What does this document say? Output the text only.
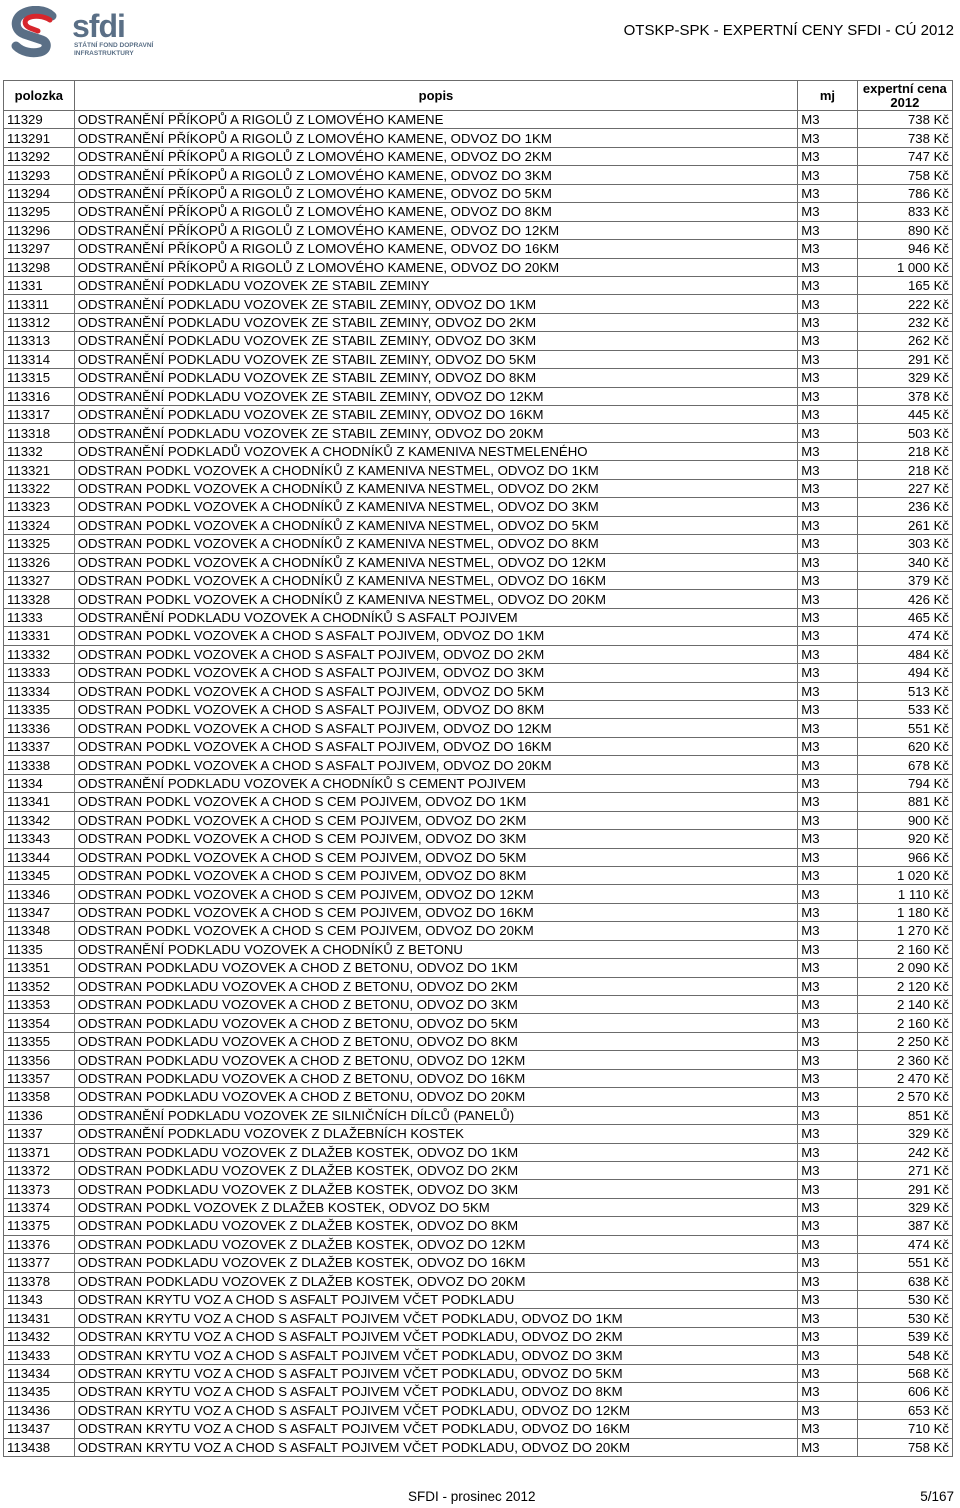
sfdi
STÁTNÍ FOND DOPRAVNÍ INFRASTRUKTURY
OTSKP-SPK - EXPERTNÍ CENY SFDI - CÚ 2012
polozka	popis	mj	expertní cena
2012

11329	ODSTRANĚNÍ PŘÍKOPŮ A RIGOLŮ Z LOMOVÉHO KAMENE	M3	738 Kč
113291	ODSTRANĚNÍ PŘÍKOPŮ A RIGOLŮ Z LOMOVÉHO KAMENE, ODVOZ DO 1KM	M3	738 Kč
113292	ODSTRANĚNÍ PŘÍKOPŮ A RIGOLŮ Z LOMOVÉHO KAMENE, ODVOZ DO 2KM	M3	747 Kč
113293	ODSTRANĚNÍ PŘÍKOPŮ A RIGOLŮ Z LOMOVÉHO KAMENE, ODVOZ DO 3KM	M3	758 Kč
113294	ODSTRANĚNÍ PŘÍKOPŮ A RIGOLŮ Z LOMOVÉHO KAMENE, ODVOZ DO 5KM	M3	786 Kč
113295	ODSTRANĚNÍ PŘÍKOPŮ A RIGOLŮ Z LOMOVÉHO KAMENE, ODVOZ DO 8KM	M3	833 Kč
113296	ODSTRANĚNÍ PŘÍKOPŮ A RIGOLŮ Z LOMOVÉHO KAMENE, ODVOZ DO 12KM	M3	890 Kč
113297	ODSTRANĚNÍ PŘÍKOPŮ A RIGOLŮ Z LOMOVÉHO KAMENE, ODVOZ DO 16KM	M3	946 Kč
113298	ODSTRANĚNÍ PŘÍKOPŮ A RIGOLŮ Z LOMOVÉHO KAMENE, ODVOZ DO 20KM	M3	1 000 Kč
11331	ODSTRANĚNÍ PODKLADU VOZOVEK ZE STABIL ZEMINY	M3	165 Kč
113311	ODSTRANĚNÍ PODKLADU VOZOVEK ZE STABIL ZEMINY, ODVOZ DO 1KM	M3	222 Kč
113312	ODSTRANĚNÍ PODKLADU VOZOVEK ZE STABIL ZEMINY, ODVOZ DO 2KM	M3	232 Kč
113313	ODSTRANĚNÍ PODKLADU VOZOVEK ZE STABIL ZEMINY, ODVOZ DO 3KM	M3	262 Kč
113314	ODSTRANĚNÍ PODKLADU VOZOVEK ZE STABIL ZEMINY, ODVOZ DO 5KM	M3	291 Kč
113315	ODSTRANĚNÍ PODKLADU VOZOVEK ZE STABIL ZEMINY, ODVOZ DO 8KM	M3	329 Kč
113316	ODSTRANĚNÍ PODKLADU VOZOVEK ZE STABIL ZEMINY, ODVOZ DO 12KM	M3	378 Kč
113317	ODSTRANĚNÍ PODKLADU VOZOVEK ZE STABIL ZEMINY, ODVOZ DO 16KM	M3	445 Kč
113318	ODSTRANĚNÍ PODKLADU VOZOVEK ZE STABIL ZEMINY, ODVOZ DO 20KM	M3	503 Kč
11332	ODSTRANĚNÍ PODKLADŮ VOZOVEK A CHODNÍKŮ Z KAMENIVA NESTMELENÉHO	M3	218 Kč
113321	ODSTRAN PODKL VOZOVEK A CHODNÍKŮ Z KAMENIVA NESTMEL, ODVOZ DO 1KM	M3	218 Kč
113322	ODSTRAN PODKL VOZOVEK A CHODNÍKŮ Z KAMENIVA NESTMEL, ODVOZ DO 2KM	M3	227 Kč
113323	ODSTRAN PODKL VOZOVEK A CHODNÍKŮ Z KAMENIVA NESTMEL, ODVOZ DO 3KM	M3	236 Kč
113324	ODSTRAN PODKL VOZOVEK A CHODNÍKŮ Z KAMENIVA NESTMEL, ODVOZ DO 5KM	M3	261 Kč
113325	ODSTRAN PODKL VOZOVEK A CHODNÍKŮ Z KAMENIVA NESTMEL, ODVOZ DO 8KM	M3	303 Kč
113326	ODSTRAN PODKL VOZOVEK A CHODNÍKŮ Z KAMENIVA NESTMEL, ODVOZ DO 12KM	M3	340 Kč
113327	ODSTRAN PODKL VOZOVEK A CHODNÍKŮ Z KAMENIVA NESTMEL, ODVOZ DO 16KM	M3	379 Kč
113328	ODSTRAN PODKL VOZOVEK A CHODNÍKŮ Z KAMENIVA NESTMEL, ODVOZ DO 20KM	M3	426 Kč
11333	ODSTRANĚNÍ PODKLADU VOZOVEK A CHODNÍKŮ S ASFALT POJIVEM	M3	465 Kč
113331	ODSTRAN PODKL VOZOVEK A CHOD S ASFALT POJIVEM, ODVOZ DO 1KM	M3	474 Kč
113332	ODSTRAN PODKL VOZOVEK A CHOD S ASFALT POJIVEM, ODVOZ DO 2KM	M3	484 Kč
113333	ODSTRAN PODKL VOZOVEK A CHOD S ASFALT POJIVEM, ODVOZ DO 3KM	M3	494 Kč
113334	ODSTRAN PODKL VOZOVEK A CHOD S ASFALT POJIVEM, ODVOZ DO 5KM	M3	513 Kč
113335	ODSTRAN PODKL VOZOVEK A CHOD S ASFALT POJIVEM, ODVOZ DO 8KM	M3	533 Kč
113336	ODSTRAN PODKL VOZOVEK A CHOD S ASFALT POJIVEM, ODVOZ DO 12KM	M3	551 Kč
113337	ODSTRAN PODKL VOZOVEK A CHOD S ASFALT POJIVEM, ODVOZ DO 16KM	M3	620 Kč
113338	ODSTRAN PODKL VOZOVEK A CHOD S ASFALT POJIVEM, ODVOZ DO 20KM	M3	678 Kč
11334	ODSTRANĚNÍ PODKLADU VOZOVEK A CHODNÍKŮ S CEMENT POJIVEM	M3	794 Kč
113341	ODSTRAN PODKL VOZOVEK A CHOD S CEM POJIVEM, ODVOZ DO 1KM	M3	881 Kč
113342	ODSTRAN PODKL VOZOVEK A CHOD S CEM POJIVEM, ODVOZ DO 2KM	M3	900 Kč
113343	ODSTRAN PODKL VOZOVEK A CHOD S CEM POJIVEM, ODVOZ DO 3KM	M3	920 Kč
113344	ODSTRAN PODKL VOZOVEK A CHOD S CEM POJIVEM, ODVOZ DO 5KM	M3	966 Kč
113345	ODSTRAN PODKL VOZOVEK A CHOD S CEM POJIVEM, ODVOZ DO 8KM	M3	1 020 Kč
113346	ODSTRAN PODKL VOZOVEK A CHOD S CEM POJIVEM, ODVOZ DO 12KM	M3	1 110 Kč
113347	ODSTRAN PODKL VOZOVEK A CHOD S CEM POJIVEM, ODVOZ DO 16KM	M3	1 180 Kč
113348	ODSTRAN PODKL VOZOVEK A CHOD S CEM POJIVEM, ODVOZ DO 20KM	M3	1 270 Kč
11335	ODSTRANĚNÍ PODKLADU VOZOVEK A CHODNÍKŮ Z BETONU	M3	2 160 Kč
113351	ODSTRAN PODKLADU VOZOVEK A CHOD Z BETONU, ODVOZ DO 1KM	M3	2 090 Kč
113352	ODSTRAN PODKLADU VOZOVEK A CHOD Z BETONU, ODVOZ DO 2KM	M3	2 120 Kč
113353	ODSTRAN PODKLADU VOZOVEK A CHOD Z BETONU, ODVOZ DO 3KM	M3	2 140 Kč
113354	ODSTRAN PODKLADU VOZOVEK A CHOD Z BETONU, ODVOZ DO 5KM	M3	2 160 Kč
113355	ODSTRAN PODKLADU VOZOVEK A CHOD Z BETONU, ODVOZ DO 8KM	M3	2 250 Kč
113356	ODSTRAN PODKLADU VOZOVEK A CHOD Z BETONU, ODVOZ DO 12KM	M3	2 360 Kč
113357	ODSTRAN PODKLADU VOZOVEK A CHOD Z BETONU, ODVOZ DO 16KM	M3	2 470 Kč
113358	ODSTRAN PODKLADU VOZOVEK A CHOD Z BETONU, ODVOZ DO 20KM	M3	2 570 Kč
11336	ODSTRANĚNÍ PODKLADU VOZOVEK ZE SILNIČNÍCH DÍLCŮ (PANELŮ)	M3	851 Kč
11337	ODSTRANĚNÍ PODKLADU VOZOVEK Z DLAŽEBNÍCH KOSTEK	M3	329 Kč
113371	ODSTRAN PODKLADU VOZOVEK Z DLAŽEB KOSTEK, ODVOZ DO 1KM	M3	242 Kč
113372	ODSTRAN PODKLADU VOZOVEK Z DLAŽEB KOSTEK, ODVOZ DO 2KM	M3	271 Kč
113373	ODSTRAN PODKLADU VOZOVEK Z DLAŽEB KOSTEK, ODVOZ DO 3KM	M3	291 Kč
113374	ODSTRAN PODKL VOZOVEK Z DLAŽEB KOSTEK, ODVOZ DO 5KM	M3	329 Kč
113375	ODSTRAN PODKLADU VOZOVEK Z DLAŽEB KOSTEK, ODVOZ DO 8KM	M3	387 Kč
113376	ODSTRAN PODKLADU VOZOVEK Z DLAŽEB KOSTEK, ODVOZ DO 12KM	M3	474 Kč
113377	ODSTRAN PODKLADU VOZOVEK Z DLAŽEB KOSTEK, ODVOZ DO 16KM	M3	551 Kč
113378	ODSTRAN PODKLADU VOZOVEK Z DLAŽEB KOSTEK, ODVOZ DO 20KM	M3	638 Kč
11343	ODSTRAN KRYTU VOZ A CHOD S ASFALT POJIVEM VČET PODKLADU	M3	530 Kč
113431	ODSTRAN KRYTU VOZ A CHOD S ASFALT POJIVEM VČET PODKLADU, ODVOZ DO 1KM	M3	530 Kč
113432	ODSTRAN KRYTU VOZ A CHOD S ASFALT POJIVEM VČET PODKLADU, ODVOZ DO 2KM	M3	539 Kč
113433	ODSTRAN KRYTU VOZ A CHOD S ASFALT POJIVEM VČET PODKLADU, ODVOZ DO 3KM	M3	548 Kč
113434	ODSTRAN KRYTU VOZ A CHOD S ASFALT POJIVEM VČET PODKLADU, ODVOZ DO 5KM	M3	568 Kč
113435	ODSTRAN KRYTU VOZ A CHOD S ASFALT POJIVEM VČET PODKLADU, ODVOZ DO 8KM	M3	606 Kč
113436	ODSTRAN KRYTU VOZ A CHOD S ASFALT POJIVEM VČET PODKLADU, ODVOZ DO 12KM	M3	653 Kč
113437	ODSTRAN KRYTU VOZ A CHOD S ASFALT POJIVEM VČET PODKLADU, ODVOZ DO 16KM	M3	710 Kč
113438	ODSTRAN KRYTU VOZ A CHOD S ASFALT POJIVEM VČET PODKLADU, ODVOZ DO 20KM	M3	758 Kč
SFDI - prosinec 2012	5/167
